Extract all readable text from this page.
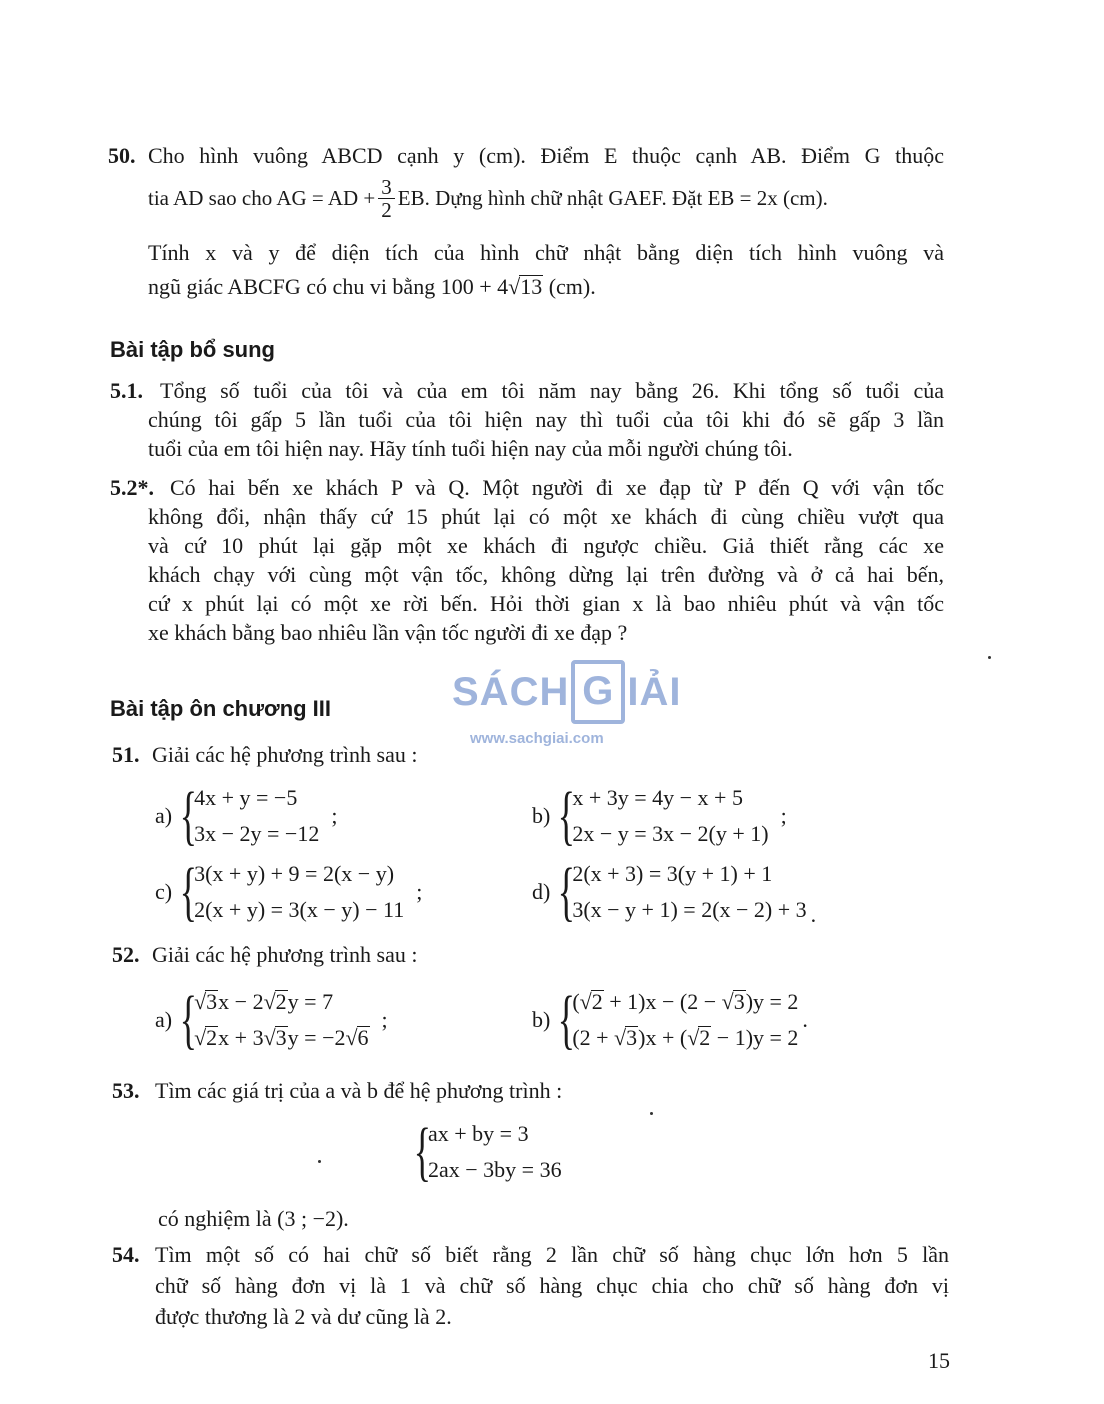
50. Cho hình vuông ABCD cạnh y (cm). Điểm E thuộc cạnh AB. Điểm G thuộc
tia AD sao cho AG = AD + $\frac{3}{2}$ EB. Dựng hình chữ nhật GAEF. Đặt EB = 2x (cm).
Tính x và y để diện tích của hình chữ nhật bằng diện tích hình vuông và
ngũ giác ABCFG có chu vi bằng 100 + 4√13 (cm).
Bài tập bổ sung
5.1. Tổng số tuổi của tôi và của em tôi năm nay bằng 26. Khi tổng số tuổi của
chúng tôi gấp 5 lần tuổi của tôi hiện nay thì tuổi của tôi khi đó sẽ gấp 3 lần
tuổi của em tôi hiện nay. Hãy tính tuổi hiện nay của mỗi người chúng tôi.
5.2*. Có hai bến xe khách P và Q. Một người đi xe đạp từ P đến Q với vận tốc
không đổi, nhận thấy cứ 15 phút lại có một xe khách đi cùng chiều vượt qua
và cứ 10 phút lại gặp một xe khách đi ngược chiều. Giả thiết rằng các xe
khách chạy với cùng một vận tốc, không dừng lại trên đường và ở cả hai bến,
cứ x phút lại có một xe rời bến. Hỏi thời gian x là bao nhiêu phút và vận tốc
xe khách bằng bao nhiêu lần vận tốc người đi xe đạp ?
SÁCH G IẢI
www.sachgiai.com
Bài tập ôn chương III
51. Giải các hệ phương trình sau :
a) {
4x + y = −5
3x − 2y = −12
;	b) {
x + 3y = 4y − x + 5
2x − y = 3x − 2(y + 1)
;
c) {
3(x + y) + 9 = 2(x − y)
2(x + y) = 3(x − y) − 11
;	d) {
2(x + 3) = 3(y + 1) + 1
3(x − y + 1) = 2(x − 2) + 3 .
52. Giải các hệ phương trình sau :
a) {
√3x − 2√2y = 7
√2x + 3√3y = −2√6
;	b) {
(√2 + 1)x − (2 − √3)y = 2
(2 + √3)x + (√2 − 1)y = 2
.
53. Tìm các giá trị của a và b để hệ phương trình :
{
ax + by = 3
2ax − 3by = 36
có nghiệm là (3 ; −2).
54. Tìm một số có hai chữ số biết rằng 2 lần chữ số hàng chục lớn hơn 5 lần
chữ số hàng đơn vị là 1 và chữ số hàng chục chia cho chữ số hàng đơn vị
được thương là 2 và dư cũng là 2.
15
